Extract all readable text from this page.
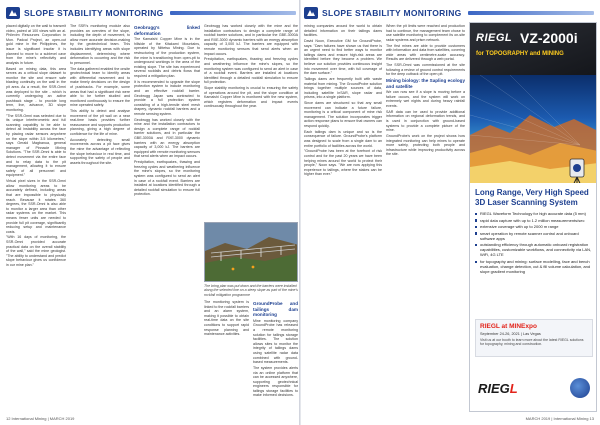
SLOPE STABILITY MONITORING

placed digitally on the wall to transmit video, paired at 100 views with an al. Philexim Resources Corporation in Mon. Padcal Project, an open-cut gold mine in the Philippines, the issue is significant insofar it is planned to move to a sublevel cave from the mine's reflectivity and analysis in future.

Based on mining data, this area serves as a critical slope dataset to monitor the site and ensure safe blasting continuity on the wall in the pit area. As a result, the SSR-Omni was deployed to the site - which is currently undergoing an active pushback stage - to provide long term, live, advance, 3D slope monitoring.

"The SSR-Omni was selected due to its unique interferometric and full scanning capability to be able to detect all instability across the face by placing radar sensors anywhere on the slope within 3.5 kilometres," says Gerald Magbanua, general manager of Pinnacle Mining Solutions. "The SSR-Omni is able to detect movement via the entire face and to relay data to the pit management, allowing it to ensure safety of all personnel and equipment."

Virtual pixel sizes in the SSR-Omni allow monitoring areas to be accurately defined, including areas that are impossible to physically reach. Because it rotates 360 degrees, the SSR-Omni is also able to monitor a larger area than other radar systems on the market. This means fewer units are needed to provide full pit coverage, significantly reducing setup and maintenance costs.

"With 16 days of monitoring, the SSR-Omni provided accurate practical data on the overall stability of the wall," said the mine geologist. "The ability to understand and predict slope behaviour gives us confidence in our mine plan."

The SSR's monitoring module also provides an overview of the slope, including the depth of movement, to allow more accurate decision-making by the geotechnical team. This includes identifying areas with slope displacement, determining where deformation is occurring and the risk to personnel.

The data gathered enabled the onsite geotechnical team to identify areas with differential movement and to make timely decisions on the design of pushbacks. For example, some areas that had a significant risk were able to be further studied and monitored continuously to ensure the mine operated safely.

This ability to detect and analyse movement of the pit wall on a near real-time basis provides further reassurance and supports production planning, giving a high degree of confidence for the life of mine.

Accurately detecting small movements across a pit face gives the mine the advantage of reflecting the slope behaviour in real time, and supporting the safety of people and assets throughout the site.

Geobrugg's linked deformation

The Kamaishi Copper Mine is in the hillside of the Kitakami Mountains, operated by Nittetsu Mining. Due to restructuring of the production system, the mine is transitioning from open-pit to underground workings in the area of the existing slope. The site has experienced several rockfalls and debris flows that required a mitigation plan.

It is recommended to upgrade the slope protection system to include monitoring and an effective rockfall barrier. Geobrugg Japan was contracted to provide a full protection system consisting of a high-tensile steel mesh drapery, dynamic rockfall barriers and a remote sensing system.

Geobrugg has worked closely with the mine and the installation contractors to design a complete range of rockfall barrier solutions, and in particular the GBE-3000A and RXE-3000 dynamic barriers with an energy absorption capacity of 3,000 kJ. The barriers are equipped with remote monitoring sensors that send alerts when an impact occurs.

Precipitation, earthquakes, thawing and freezing cycles and weathering influence the mine's slopes, so the monitoring system was configured to send an alert in case of a rockfall event. Barriers are installed at locations identified through a detailed rockfall simulation to ensure full protection.

Geobrugg has worked closely with the mine and the installation contractors to design a complete range of rockfall barrier solutions, and in particular the GBE-3000A and RXE-3000 dynamic barriers with an energy absorption capacity of 3,000 kJ. The barriers are equipped with remote monitoring sensors that send alerts when an impact occurs.

Precipitation, earthquakes, thawing and freezing cycles and weathering influence the mine's slopes, so the monitoring system was configured to send an alert in case of a rockfall event. Barriers are installed at locations identified through a detailed rockfall simulation to ensure full protection.

Slope stability monitoring is crucial to ensuring the safety of operations around the pit, and the slope condition at Kamaishi Copper Mine is monitored with the new system, which registers deformation and impact events continuously throughout the year.

The bring plan was put down and the barriers were installed along the selected line on a steep slope as part of the mine's rockfall mitigation programme

The monitoring system is linked to the rockfall barriers and an alarm system, making it possible to obtain real-time data on the site conditions to support rapid response planning and maintenance activities.

GroundProbe and tailings dam monitoring

Mine monitoring company GroundProbe has released a remote monitoring solution for tailings storage facilities. The solution allows sites to monitor the integrity of tailings dams using satellite radar data combined with ground-based measurements.

The system provides alerts via an online platform that can be accessed anywhere, supporting geotechnical engineers responsible for tailings storage facilities to make informed decisions.

12 International Mining | MARCH 2019
SLOPE STABILITY MONITORING

mining companies around the world to obtain detailed information on their tailings dams facilities.

David Noon, Executive GM for GroundProbe, says: "Dam failures have shown us that there is an urgent need to find better ways to monitor tailings dams and ensure high-risk areas are identified before they become a problem. We believe our solution provides continuous insight into movement over time, with full coverage of the dam surface."

Tailings dams are frequently built with waste material from mining. The GroundProbe solution brings together multiple sources of data, including satellite InSAR, slope radar and prisms, into a single platform.

Since dams are structured so that any small movement can indicate a future failure, monitoring is a critical component of mine risk management. The solution incorporates trigger action response plans to ensure that owners can respond quickly.

Each tailings dam is unique and so is the consequence of failure. GroundProbe's platform was designed to scale from a single dam to an entire portfolio of facilities across the world.

"GroundProbe has been at the forefront of risk control and for the past 20 years we have been helping mines around the world to protect their people," Noon says. "We are now applying this experience to tailings, where the stakes can be higher than ever."

When the pit limits were reached and production had to continue, the management team chose to use satellite monitoring to complement its on-site radar systems and prism network.

The first mines are able to provide customers with information and data from satellites, covering wide areas with centimetre-scale accuracy. Results are delivered through a web portal.

The SSR-Omni was commissioned at the site following a review of ground control requirements for the deep cutback of the open pit.

Mining biology: the Sapling ecology and satellite

We can now see if a slope is moving before a failure occurs, and the system will work on extremely wet nights and during heavy rainfall events.

SAR data can be used to provide additional information on regional deformation trends, and is used in conjunction with ground-based systems to provide a complete picture of the mine.

GroundProbe's work on the project shows how integrated monitoring can help mines to operate more safely, protecting both people and infrastructure while improving productivity across the site.

RIEGL VZ-2000i
for TOPOGRAPHY and MINING
Long Range, Very High Speed 3D Laser Scanning System
RIEGL Waveform Technology for high accurate data (5 mm)
rapid data capture with up to 1.2 million measurements/sec
extensive coverage with up to 2000 m range
smart operation by remote scanner control and onboard software apps
outstanding efficiency through automatic onboard registration capabilities, customizable workflows, and connectivity via LAN, WiFi, 4G LTE
for topography and mining: surface modelling, face and bench evaluation, change detection, cut & fill volume calculation, and slope gradient monitoring
RIEGL at MINExpo
September 24-26, 2021 | Las Vegas
Visit us at our booth to learn more about the latest RIEGL solutions for topography, mining and construction.
RIEGL
MARCH 2019 | International Mining 13
